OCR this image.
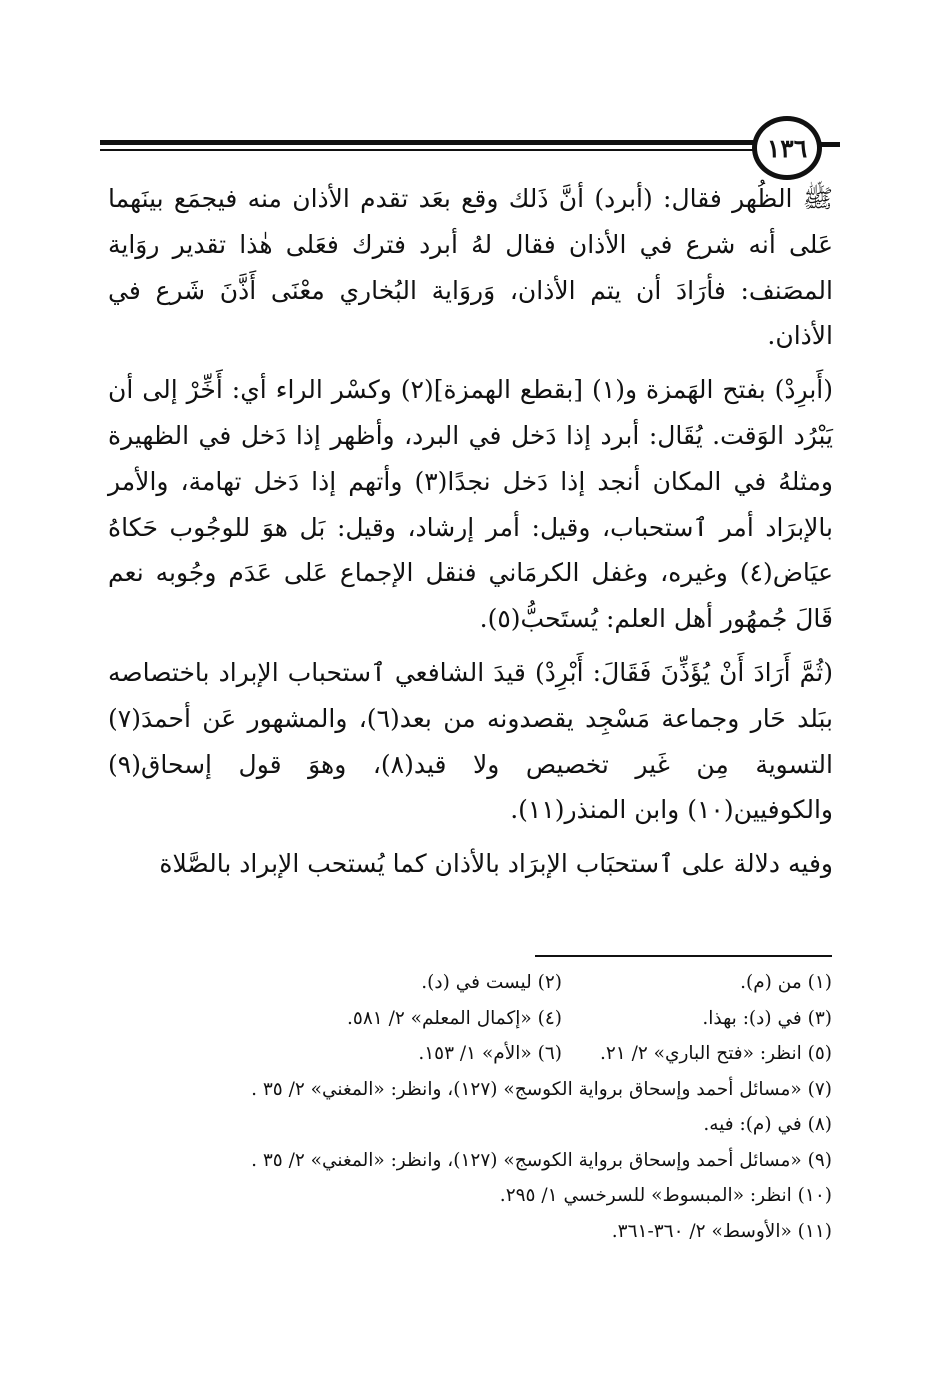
١٣٦

ﷺ الظُهر فقال: (أبرد) أنَّ ذَلك وقع بعَد تقدم الأذان منه فيجمَع بينَهما عَلى أنه شرع في الأذان فقال لهُ أبرد فترك فعَلى هٰذا تقدير روَاية المصَنف: فأرَادَ أن يتم الأذان، وَروَاية البُخاري معْنَى أَذَّنَ شَرع في الأذان.

(أَبرِدْ) بفتح الهَمزة و(١) [بقطع الهمزة](٢) وكسْر الراء أي: أَخِّرْ إلى أن يَبْرُد الوَقت. يُقَال: أبرد إذا دَخل في البرد، وأظهر إذا دَخل في الظهيرة ومثلهُ في المكان أنجد إذا دَخل نجدًا(٣) وأتهم إذا دَخل تهامة، والأمر بالإبرَاد أمر ٱستحباب، وقيل: أمر إرشاد، وقيل: بَل هوَ للوجُوب حَكاهُ عيَاض(٤) وغيره، وغفل الكرمَاني فنقل الإجماع عَلى عَدَم وجُوبه نعم قَالَ جُمهُور أهل العلم: يُستَحبُّ(٥).

(ثُمَّ أَرَادَ أَنْ يُؤَذِّنَ فَقَالَ: أَبْرِدْ) قيدَ الشافعي ٱستحباب الإبراد باختصاصه ببَلد حَار وجماعة مَسْجِد يقصدونه من بعد(٦)، والمشهور عَن أحمدَ(٧) التسوية مِن غَير تخصيص ولا قيد(٨)، وهوَ قول إسحاق(٩) والكوفيين(١٠) وابن المنذر(١١).

وفيه دلالة على ٱستحبَاب الإبرَاد بالأذان كما يُستحب الإبراد بالصَّلاة

(١) من (م).
(٢) ليست في (د).
(٣) في (د): بهذا.
(٤) «إكمال المعلم» ٢/ ٥٨١.
(٥) انظر: «فتح الباري» ٢/ ٢١.
(٦) «الأم» ١/ ١٥٣.
(٧) «مسائل أحمد وإسحاق برواية الكوسج» (١٢٧)، وانظر: «المغني» ٢/ ٣٥ .
(٨) في (م): فيه.
(٩) «مسائل أحمد وإسحاق برواية الكوسج» (١٢٧)، وانظر: «المغني» ٢/ ٣٥ .
(١٠) انظر: «المبسوط» للسرخسي ١/ ٢٩٥.
(١١) «الأوسط» ٢/ ٣٦٠-٣٦١.
